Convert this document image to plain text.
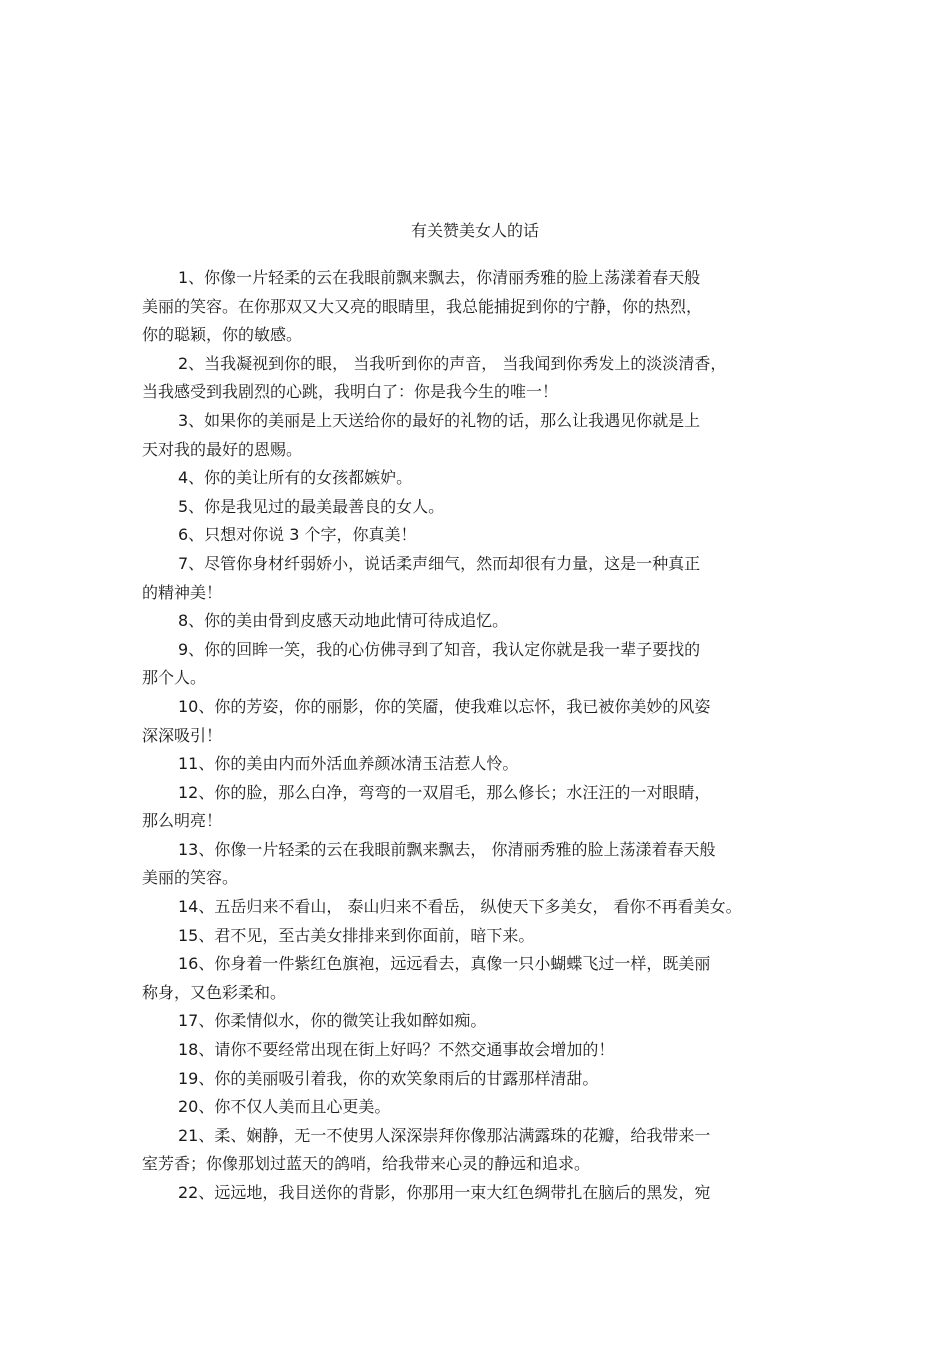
有关赞美女人的话

1、你像一片轻柔的云在我眼前飘来飘去，你清丽秀雅的脸上荡漾着春天般
美丽的笑容。在你那双又大又亮的眼睛里，我总能捕捉到你的宁静，你的热烈，
你的聪颖，你的敏感。

2、当我凝视到你的眼， 当我听到你的声音， 当我闻到你秀发上的淡淡清香，
当我感受到我剧烈的心跳，我明白了：你是我今生的唯一！

3、如果你的美丽是上天送给你的最好的礼物的话，那么让我遇见你就是上
天对我的最好的恩赐。

4、你的美让所有的女孩都嫉妒。

5、你是我见过的最美最善良的女人。

6、只想对你说 3 个字，你真美！

7、尽管你身材纤弱娇小，说话柔声细气，然而却很有力量，这是一种真正
的精神美！

8、你的美由骨到皮感天动地此情可待成追忆。

9、你的回眸一笑，我的心仿佛寻到了知音，我认定你就是我一辈子要找的
那个人。

10、你的芳姿，你的丽影，你的笑靥，使我难以忘怀，我已被你美妙的风姿
深深吸引！

11、你的美由内而外活血养颜冰清玉洁惹人怜。

12、你的脸，那么白净，弯弯的一双眉毛，那么修长；水汪汪的一对眼睛，
那么明亮！

13、你像一片轻柔的云在我眼前飘来飘去， 你清丽秀雅的脸上荡漾着春天般
美丽的笑容。

14、五岳归来不看山， 泰山归来不看岳， 纵使天下多美女， 看你不再看美女。

15、君不见，至古美女排排来到你面前，暗下来。

16、你身着一件紫红色旗袍，远远看去，真像一只小蝴蝶飞过一样，既美丽
称身，又色彩柔和。

17、你柔情似水，你的微笑让我如醉如痴。

18、请你不要经常出现在街上好吗？不然交通事故会增加的！

19、你的美丽吸引着我，你的欢笑象雨后的甘露那样清甜。

20、你不仅人美而且心更美。

21、柔、娴静，无一不使男人深深崇拜你像那沾满露珠的花瓣，给我带来一
室芳香；你像那划过蓝天的鸽哨，给我带来心灵的静远和追求。

22、远远地，我目送你的背影，你那用一束大红色绸带扎在脑后的黑发，宛
